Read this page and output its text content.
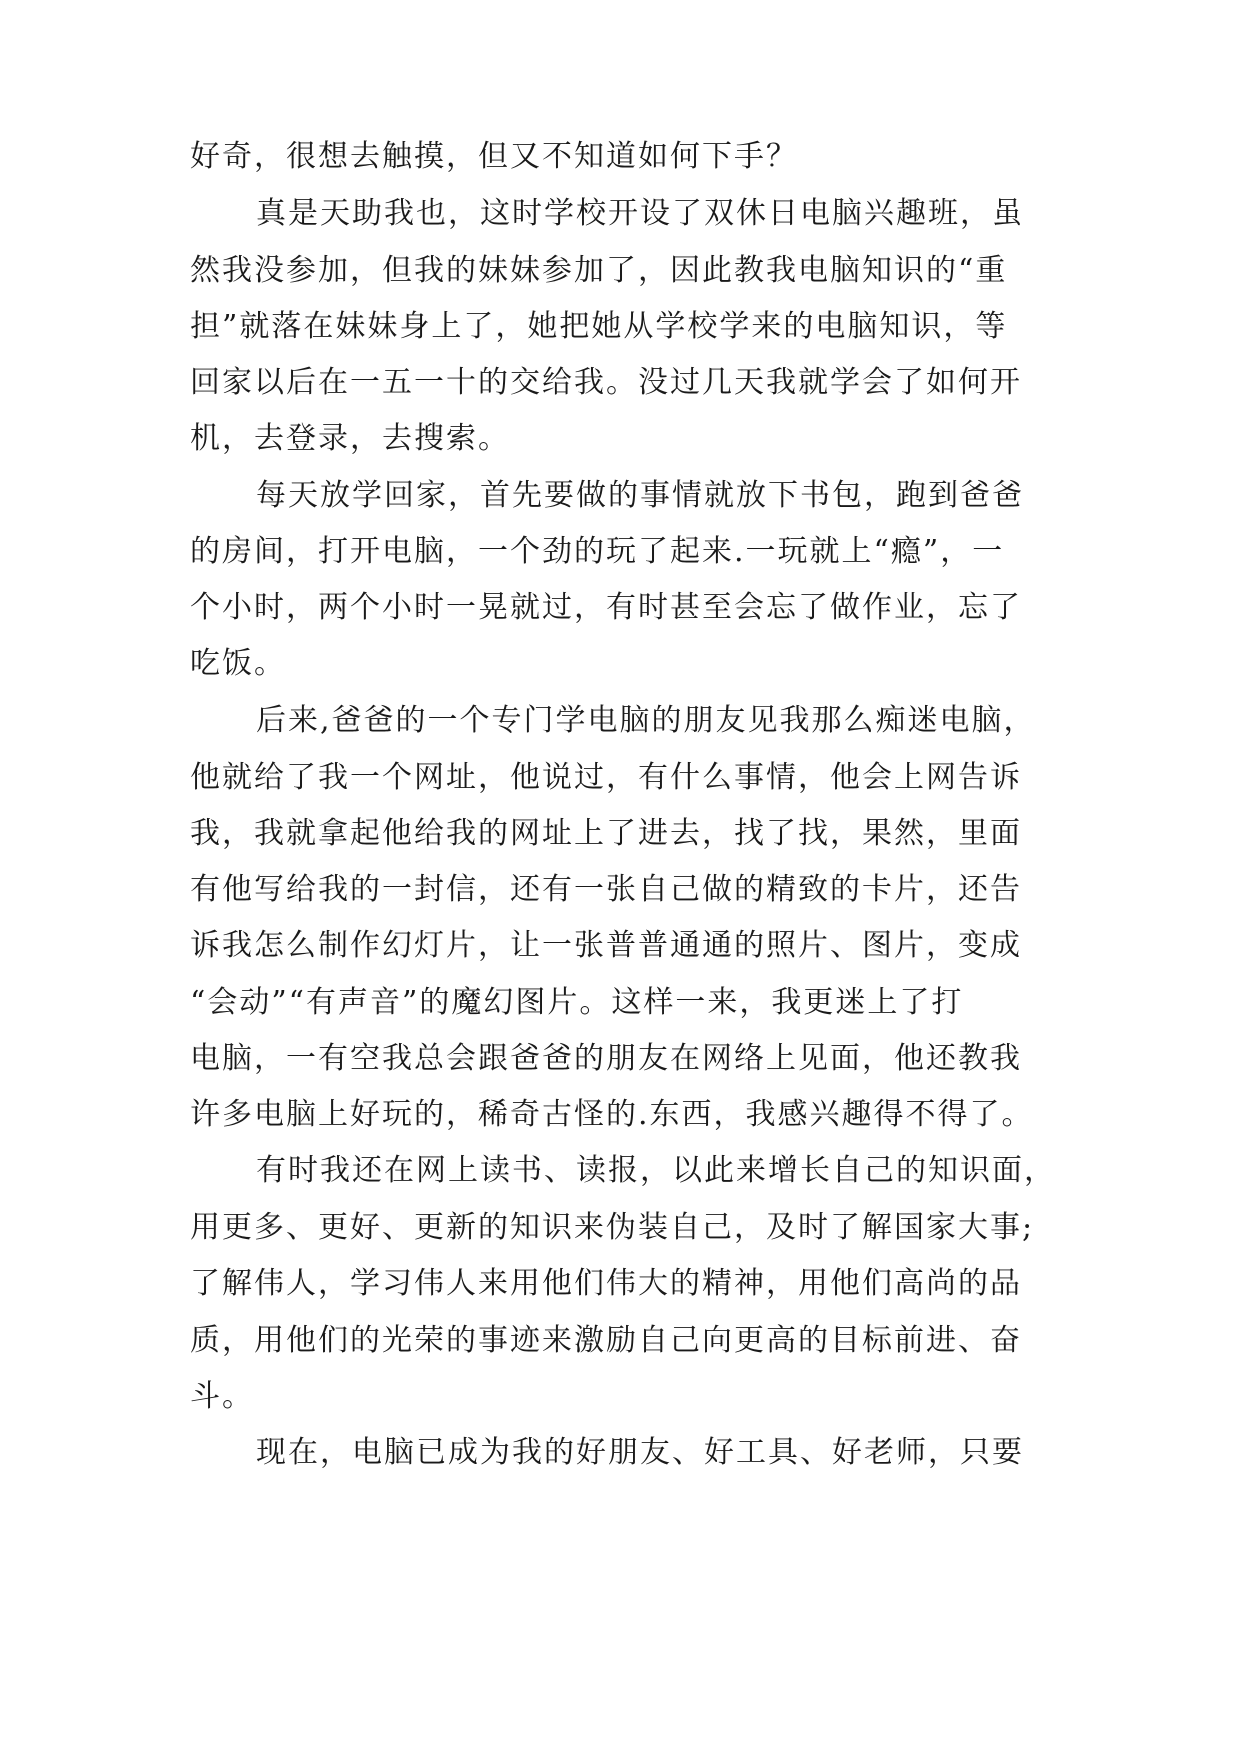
好奇，很想去触摸，但又不知道如何下手？
真是天助我也，这时学校开设了双休日电脑兴趣班，虽
然我没参加，但我的妹妹参加了，因此教我电脑知识的“重
担”就落在妹妹身上了，她把她从学校学来的电脑知识，等
回家以后在一五一十的交给我。没过几天我就学会了如何开
机，去登录，去搜索。
每天放学回家，首先要做的事情就放下书包，跑到爸爸
的房间，打开电脑，一个劲的玩了起来.一玩就上“瘾”，一
个小时，两个小时一晃就过，有时甚至会忘了做作业，忘了
吃饭。
后来,爸爸的一个专门学电脑的朋友见我那么痴迷电脑，
他就给了我一个网址，他说过，有什么事情，他会上网告诉
我，我就拿起他给我的网址上了进去，找了找，果然，里面
有他写给我的一封信，还有一张自己做的精致的卡片，还告
诉我怎么制作幻灯片，让一张普普通通的照片、图片，变成
“会动”“有声音”的魔幻图片。这样一来，我更迷上了打
电脑，一有空我总会跟爸爸的朋友在网络上见面，他还教我
许多电脑上好玩的，稀奇古怪的.东西，我感兴趣得不得了。
有时我还在网上读书、读报，以此来增长自己的知识面，
用更多、更好、更新的知识来伪装自己，及时了解国家大事;
了解伟人，学习伟人来用他们伟大的精神，用他们高尚的品
质，用他们的光荣的事迹来激励自己向更高的目标前进、奋
斗。
现在，电脑已成为我的好朋友、好工具、好老师，只要
